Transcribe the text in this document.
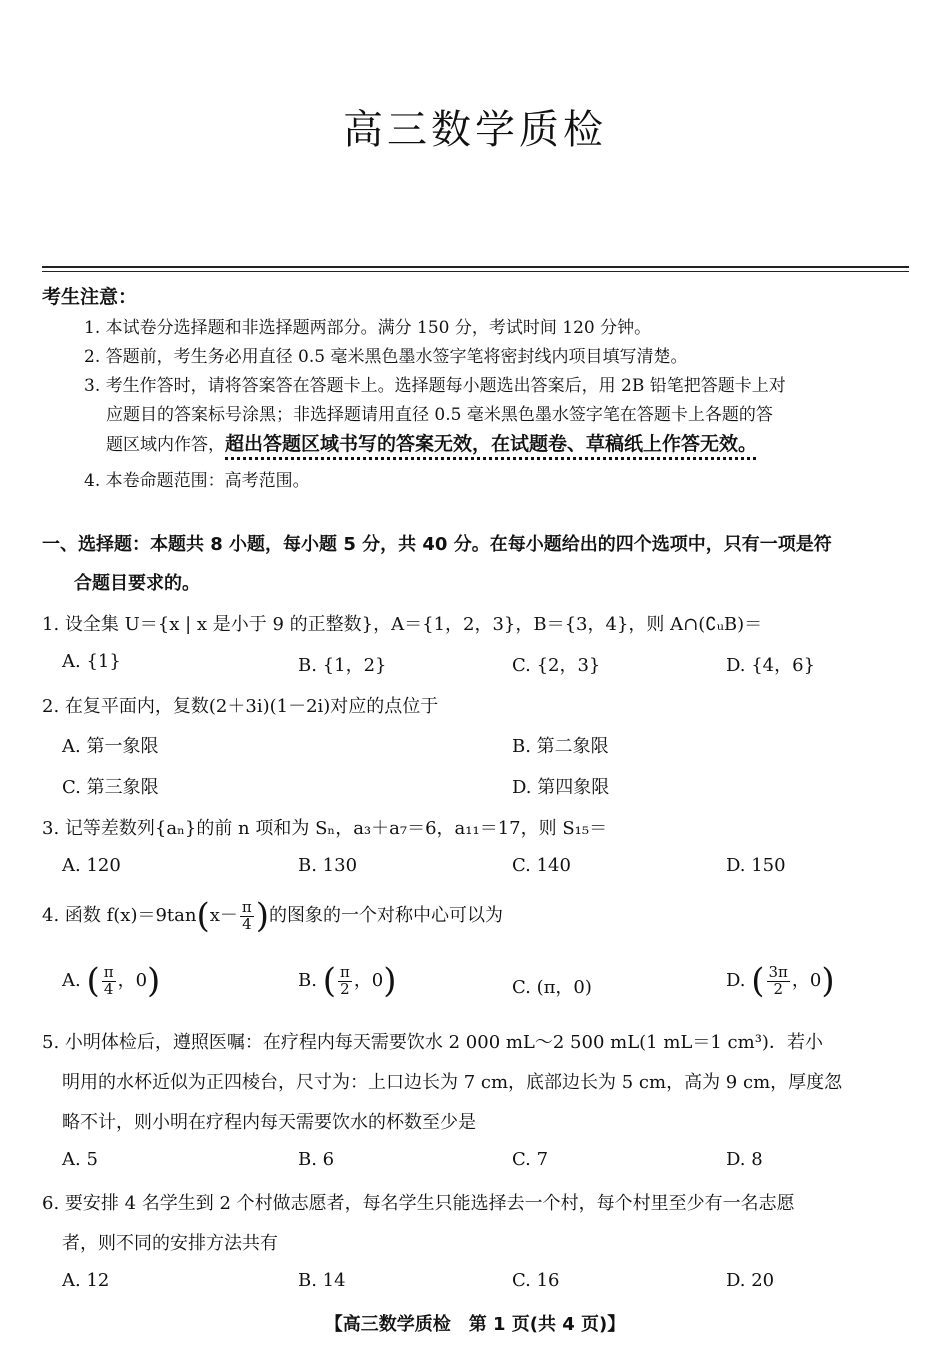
高三数学质检
考生注意：
1. 本试卷分选择题和非选择题两部分。满分 150 分，考试时间 120 分钟。
2. 答题前，考生务必用直径 0.5 毫米黑色墨水签字笔将密封线内项目填写清楚。
3. 考生作答时，请将答案答在答题卡上。选择题每小题选出答案后，用 2B 铅笔把答题卡上对
应题目的答案标号涂黑；非选择题请用直径 0.5 毫米黑色墨水签字笔在答题卡上各题的答
题区域内作答，超出答题区域书写的答案无效，在试题卷、草稿纸上作答无效。
4. 本卷命题范围：高考范围。
一、选择题：本题共 8 小题，每小题 5 分，共 40 分。在每小题给出的四个选项中，只有一项是符
合题目要求的。
1. 设全集 U＝{x | x 是小于 9 的正整数}，A＝{1，2，3}，B＝{3，4}，则 A∩(∁ᵤB)＝
A. {1}	B. {1，2}	C. {2，3}	D. {4，6}
2. 在复平面内，复数(2＋3i)(1－2i)对应的点位于
A. 第一象限	B. 第二象限
C. 第三象限	D. 第四象限
3. 记等差数列{aₙ}的前 n 项和为 Sₙ，a₃＋a₇＝6，a₁₁＝17，则 S₁₅＝
A. 120	B. 130	C. 140	D. 150
4. 函数 $f(x)=9\tan(x- \frac{\pi}{4}$ )的图象的一个对称中心可以为
A. ( $\frac{\pi}{4}$ ，0)	B. ( $\frac{\pi}{2}$ ，0)	C. (π，0)	D. ( $\frac{3\pi}{2}$ ，0)
5. 小明体检后，遵照医嘱：在疗程内每天需要饮水 2 000 mL～2 500 mL(1 mL＝1 cm³)．若小
明用的水杯近似为正四棱台，尺寸为：上口边长为 7 cm，底部边长为 5 cm，高为 9 cm，厚度忽
略不计，则小明在疗程内每天需要饮水的杯数至少是
A. 5	B. 6	C. 7	D. 8
6. 要安排 4 名学生到 2 个村做志愿者，每名学生只能选择去一个村，每个村里至少有一名志愿
者，则不同的安排方法共有
A. 12	B. 14	C. 16	D. 20
【高三数学质检　第 1 页(共 4 页)】
